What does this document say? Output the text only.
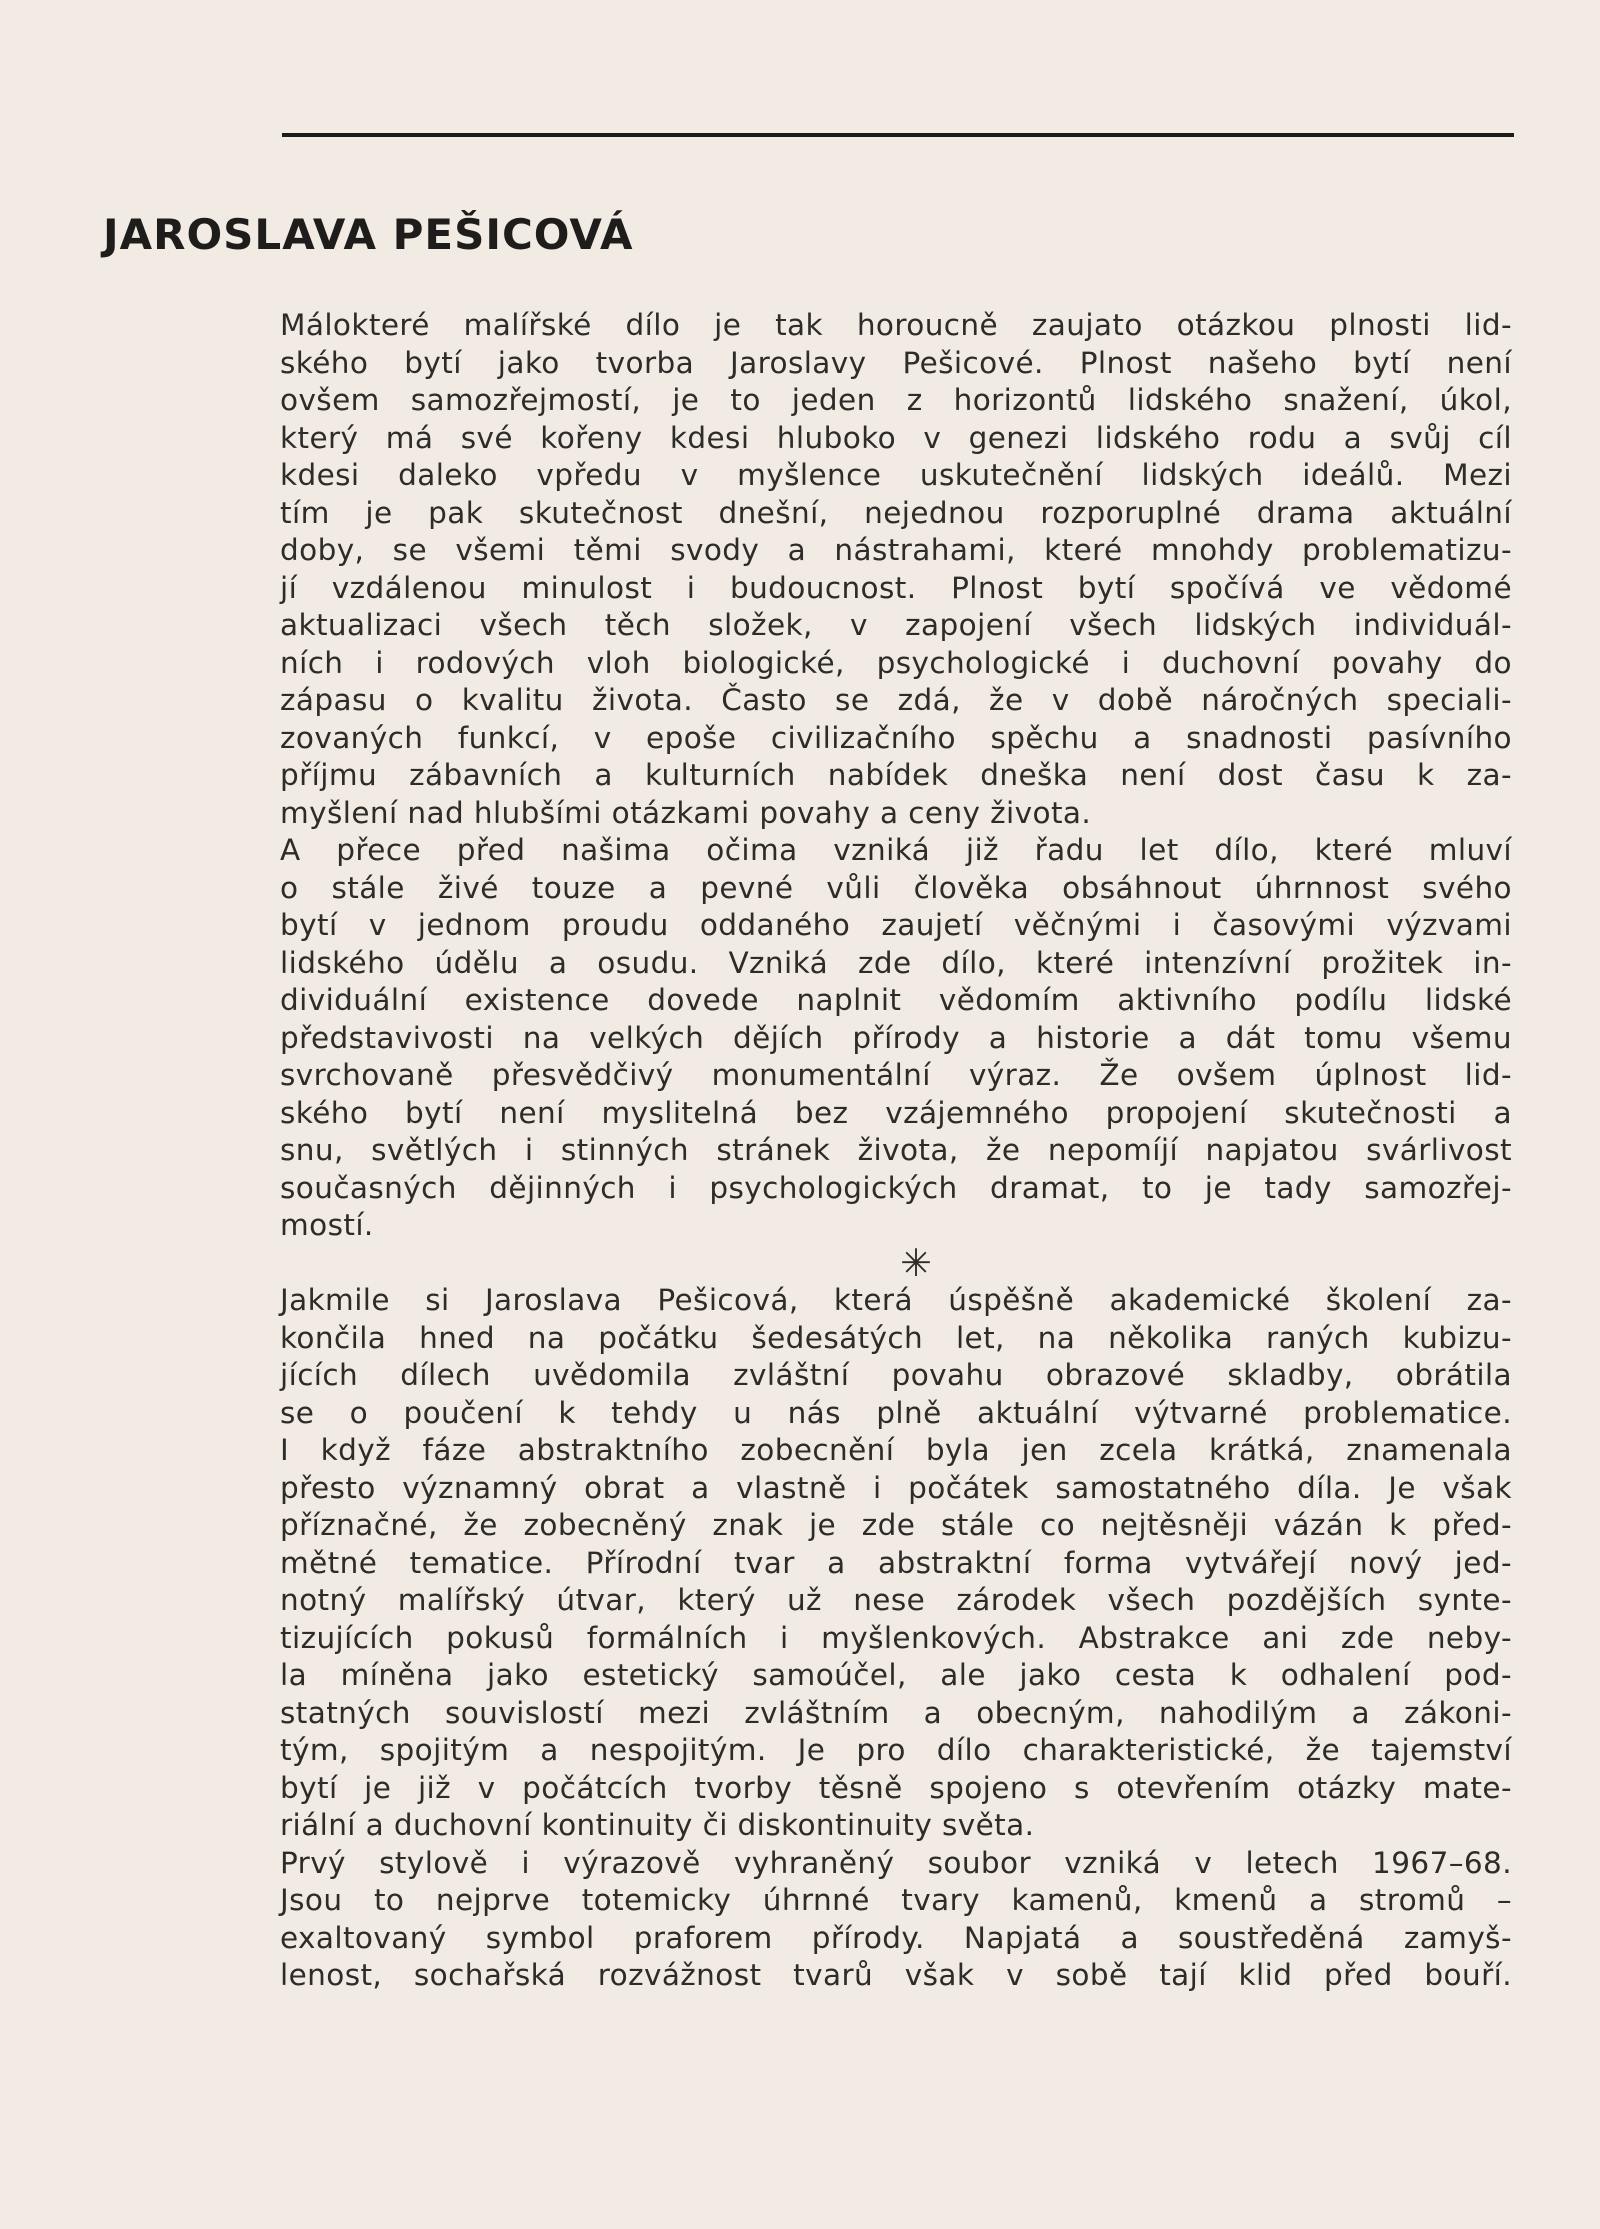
JAROSLAVA PEŠICOVÁ
Málokteré malířské dílo je tak horoucně zaujato otázkou plnosti lid-
ského bytí jako tvorba Jaroslavy Pešicové. Plnost našeho bytí není
ovšem samozřejmostí, je to jeden z horizontů lidského snažení, úkol,
který má své kořeny kdesi hluboko v genezi lidského rodu a svůj cíl
kdesi daleko vpředu v myšlence uskutečnění lidských ideálů. Mezi
tím je pak skutečnost dnešní, nejednou rozporuplné drama aktuální
doby, se všemi těmi svody a nástrahami, které mnohdy problematizu-
jí vzdálenou minulost i budoucnost. Plnost bytí spočívá ve vědomé
aktualizaci všech těch složek, v zapojení všech lidských individuál-
ních i rodových vloh biologické, psychologické i duchovní povahy do
zápasu o kvalitu života. Často se zdá, že v době náročných speciali-
zovaných funkcí, v epoše civilizačního spěchu a snadnosti pasívního
příjmu zábavních a kulturních nabídek dneška není dost času k za-
myšlení nad hlubšími otázkami povahy a ceny života.
A přece před našima očima vzniká již řadu let dílo, které mluví
o stále živé touze a pevné vůli člověka obsáhnout úhrnnost svého
bytí v jednom proudu oddaného zaujetí věčnými i časovými výzvami
lidského údělu a osudu. Vzniká zde dílo, které intenzívní prožitek in-
dividuální existence dovede naplnit vědomím aktivního podílu lidské
představivosti na velkých dějích přírody a historie a dát tomu všemu
svrchovaně přesvědčivý monumentální výraz. Že ovšem úplnost lid-
ského bytí není myslitelná bez vzájemného propojení skutečnosti a
snu, světlých i stinných stránek života, že nepomíjí napjatou svárlivost
současných dějinných i psychologických dramat, to je tady samozřej-
mostí.
✳
Jakmile si Jaroslava Pešicová, která úspěšně akademické školení za-
končila hned na počátku šedesátých let, na několika raných kubizu-
jících dílech uvědomila zvláštní povahu obrazové skladby, obrátila
se o poučení k tehdy u nás plně aktuální výtvarné problematice.
I když fáze abstraktního zobecnění byla jen zcela krátká, znamenala
přesto významný obrat a vlastně i počátek samostatného díla. Je však
příznačné, že zobecněný znak je zde stále co nejtěsněji vázán k před-
mětné tematice. Přírodní tvar a abstraktní forma vytvářejí nový jed-
notný malířský útvar, který už nese zárodek všech pozdějších synte-
tizujících pokusů formálních i myšlenkových. Abstrakce ani zde neby-
la míněna jako estetický samoúčel, ale jako cesta k odhalení pod-
statných souvislostí mezi zvláštním a obecným, nahodilým a zákoni-
tým, spojitým a nespojitým. Je pro dílo charakteristické, že tajemství
bytí je již v počátcích tvorby těsně spojeno s otevřením otázky mate-
riální a duchovní kontinuity či diskontinuity světa.
Prvý stylově i výrazově vyhraněný soubor vzniká v letech 1967–68.
Jsou to nejprve totemicky úhrnné tvary kamenů, kmenů a stromů –
exaltovaný symbol praforem přírody. Napjatá a soustředěná zamyš-
lenost, sochařská rozvážnost tvarů však v sobě tají klid před bouří.
